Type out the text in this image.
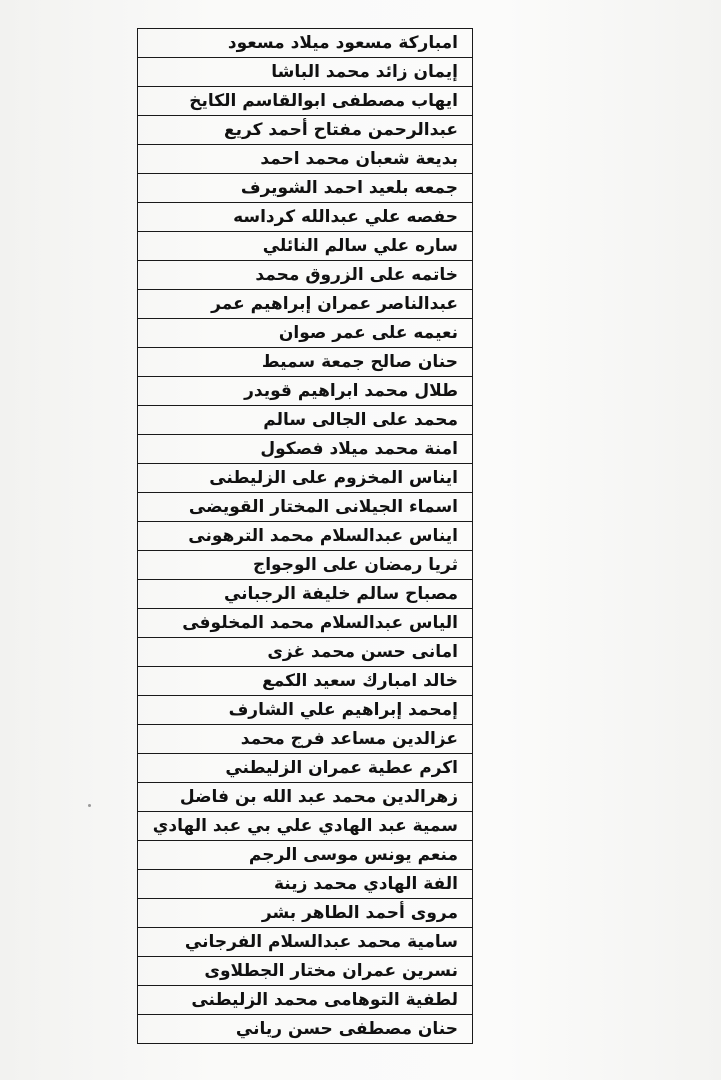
امباركة مسعود ميلاد مسعود
إيمان زائد محمد الباشا
ايهاب مصطفى ابوالقاسم الكايخ
عبدالرحمن مفتاح أحمد كريع
بديعة شعبان محمد احمد
جمعه بلعيد احمد الشويرف
حفصه علي عبدالله كرداسه
ساره علي سالم النائلي
خاتمه على الزروق محمد
عبدالناصر عمران إبراهيم عمر
نعيمه على عمر صوان
حنان صالح جمعة سميط
طلال محمد ابراهيم قويدر
محمد على الجالى سالم
امنة محمد ميلاد فصكول
ايناس المخزوم على الزليطنى
اسماء الجيلانى المختار القويضى
ايناس عبدالسلام محمد الترهونى
ثريا رمضان على الوجواج
مصباح سالم خليفة الرجباني
الياس عبدالسلام محمد المخلوفى
امانى حسن محمد غزى
خالد امبارك سعيد الكمع
إمحمد إبراهيم علي الشارف
عزالدين مساعد فرج محمد
اكرم عطية عمران الزليطني
زهرالدين محمد عبد الله بن فاضل
سمية عبد الهادي علي بي عبد الهادي
منعم يونس موسى الرجم
الفة الهادي محمد زينة
مروى أحمد الطاهر بشر
سامية محمد عبدالسلام الفرجاني
نسرين عمران مختار الجطلاوى
لطفية التوهامى محمد الزليطنى
حنان مصطفى حسن رياني
